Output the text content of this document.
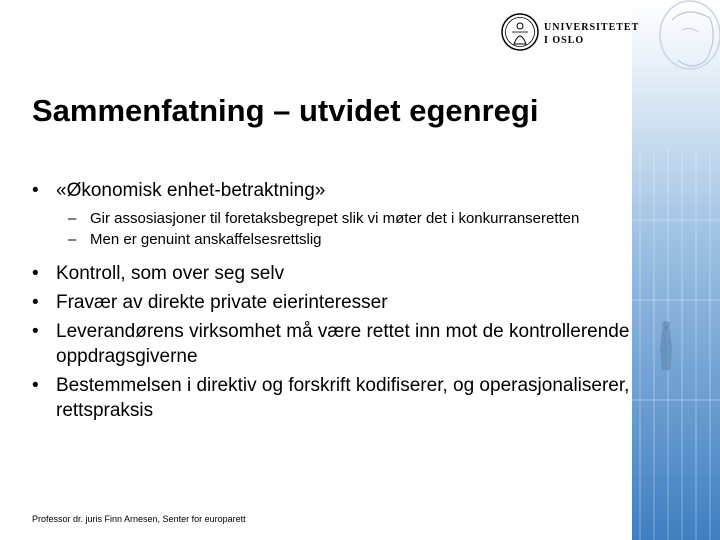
UNIVERSITETET
I OSLO
Sammenfatning – utvidet egenregi
• «Økonomisk enhet-betraktning»
– Gir assosiasjoner til foretaksbegrepet slik vi møter det i konkurranseretten
– Men er genuint anskaffelsesrettslig
• Kontroll, som over seg selv
• Fravær av direkte private eierinteresser
• Leverandørens virksomhet må være rettet inn mot de kontrollerende oppdragsgiverne
• Bestemmelsen i direktiv og forskrift kodifiserer, og operasjonaliserer, rettspraksis
Professor dr. juris Finn Arnesen, Senter for europarett
